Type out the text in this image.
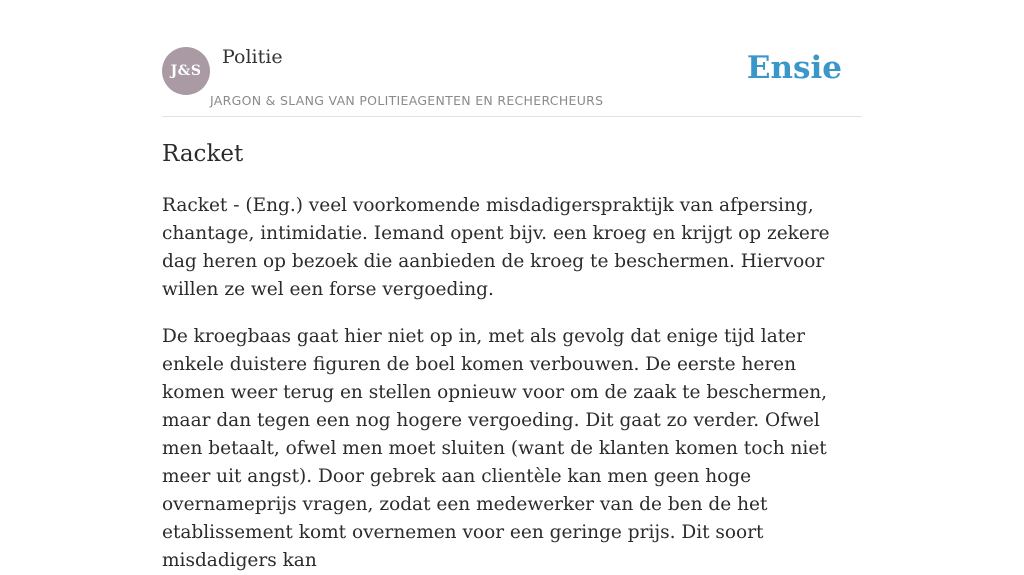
J&S
Politie
JARGON & SLANG VAN POLITIEAGENTEN EN RECHERCHEURS
Ensie
Racket

Racket - (Eng.) veel voorkomende misdadigerspraktijk van afpersing, chantage, intimidatie. Iemand opent bijv. een kroeg en krijgt op zekere dag heren op bezoek die aanbieden de kroeg te beschermen. Hiervoor willen ze wel een forse vergoeding.

De kroegbaas gaat hier niet op in, met als gevolg dat enige tijd later enkele duistere figuren de boel komen verbouwen. De eerste heren komen weer terug en stellen opnieuw voor om de zaak te beschermen, maar dan tegen een nog hogere vergoeding. Dit gaat zo verder. Ofwel men betaalt, ofwel men moet sluiten (want de klanten komen toch niet meer uit angst). Door gebrek aan clientèle kan men geen hoge overnameprijs vragen, zodat een medewerker van de ben de het etablissement komt overnemen voor een geringe prijs. Dit soort misdadigers kan
